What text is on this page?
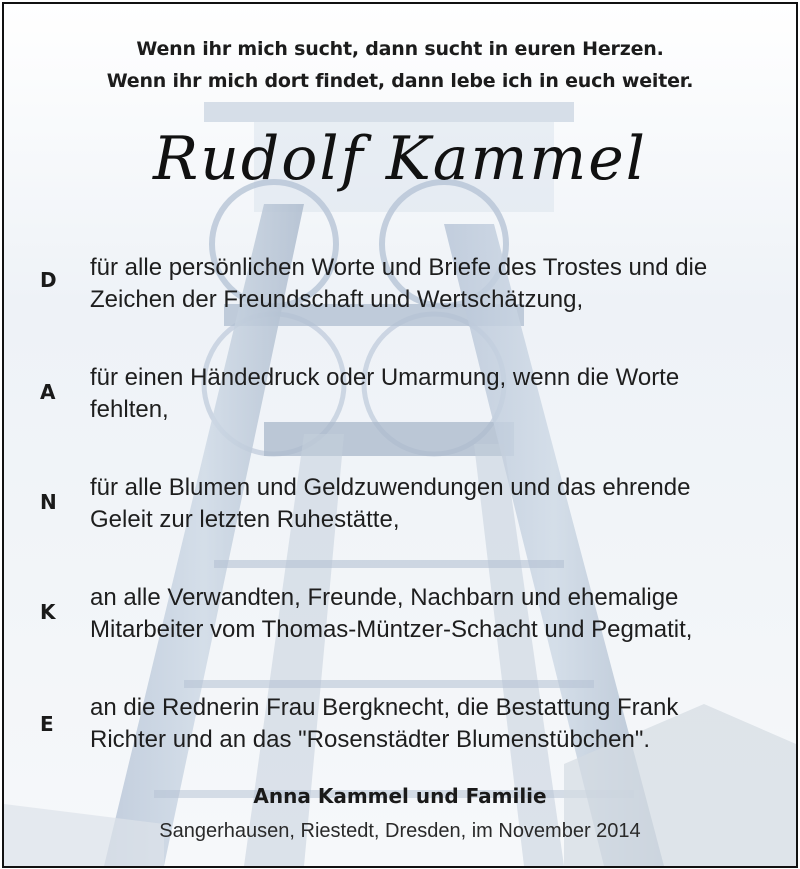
Wenn ihr mich sucht, dann sucht in euren Herzen.
Wenn ihr mich dort findet, dann lebe ich in euch weiter.
Rudolf Kammel
D	für alle persönlichen Worte und Briefe des Trostes und die
Zeichen der Freundschaft und Wertschätzung,
A
für einen Händedruck oder Umarmung, wenn die Worte
fehlten,
N
für alle Blumen und Geldzuwendungen und das ehrende
Geleit zur letzten Ruhestätte,
K
an alle Verwandten, Freunde, Nachbarn und ehemalige
Mitarbeiter vom Thomas-Müntzer-Schacht und Pegmatit,
E
an die Rednerin Frau Bergknecht, die Bestattung Frank
Richter und an das "Rosenstädter Blumenstübchen".
Anna Kammel und Familie
Sangerhausen, Riestedt, Dresden, im November 2014
